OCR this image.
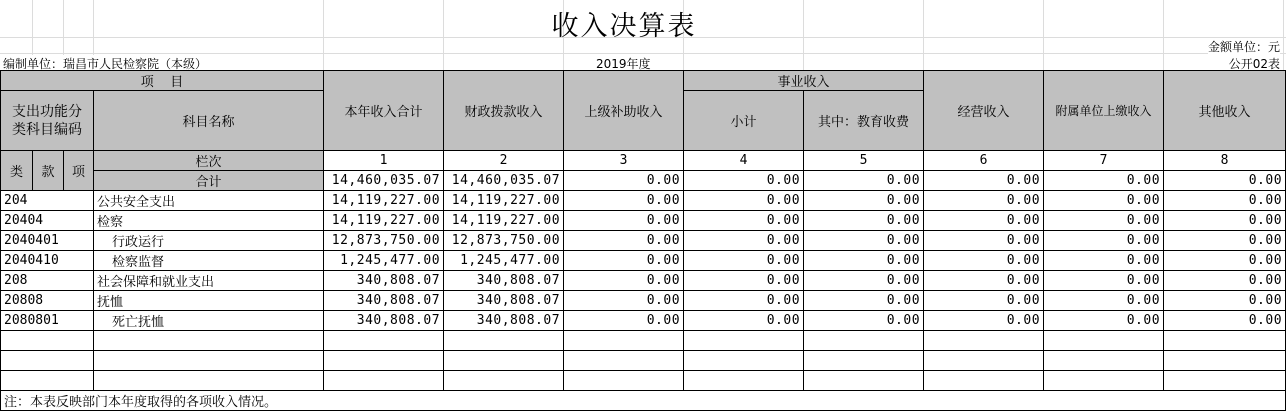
收入决算表
金额单位：元
编制单位：瑞昌市人民检察院（本级）	2019年度	公开02表
项    目				本年收入合计	财政拨款收入	上级补助收入	事业收入		经营收入	附属单位上缴收入	其他收入
支出功能分类科目编码			科目名称				小计	其中：教育收费			
类	款	项	栏次	1	2	3	4	5	6	7	8
			合计	14,460,035.07	14,460,035.07	0.00	0.00	0.00	0.00	0.00	0.00
204			公共安全支出	14,119,227.00	14,119,227.00	0.00	0.00	0.00	0.00	0.00	0.00
20404			检察	14,119,227.00	14,119,227.00	0.00	0.00	0.00	0.00	0.00	0.00
2040401			行政运行	12,873,750.00	12,873,750.00	0.00	0.00	0.00	0.00	0.00	0.00
2040410			检察监督	1,245,477.00	1,245,477.00	0.00	0.00	0.00	0.00	0.00	0.00
208			社会保障和就业支出	340,808.07	340,808.07	0.00	0.00	0.00	0.00	0.00	0.00
20808			抚恤	340,808.07	340,808.07	0.00	0.00	0.00	0.00	0.00	0.00
2080801			死亡抚恤	340,808.07	340,808.07	0.00	0.00	0.00	0.00	0.00	0.00

注：本表反映部门本年度取得的各项收入情况。											
